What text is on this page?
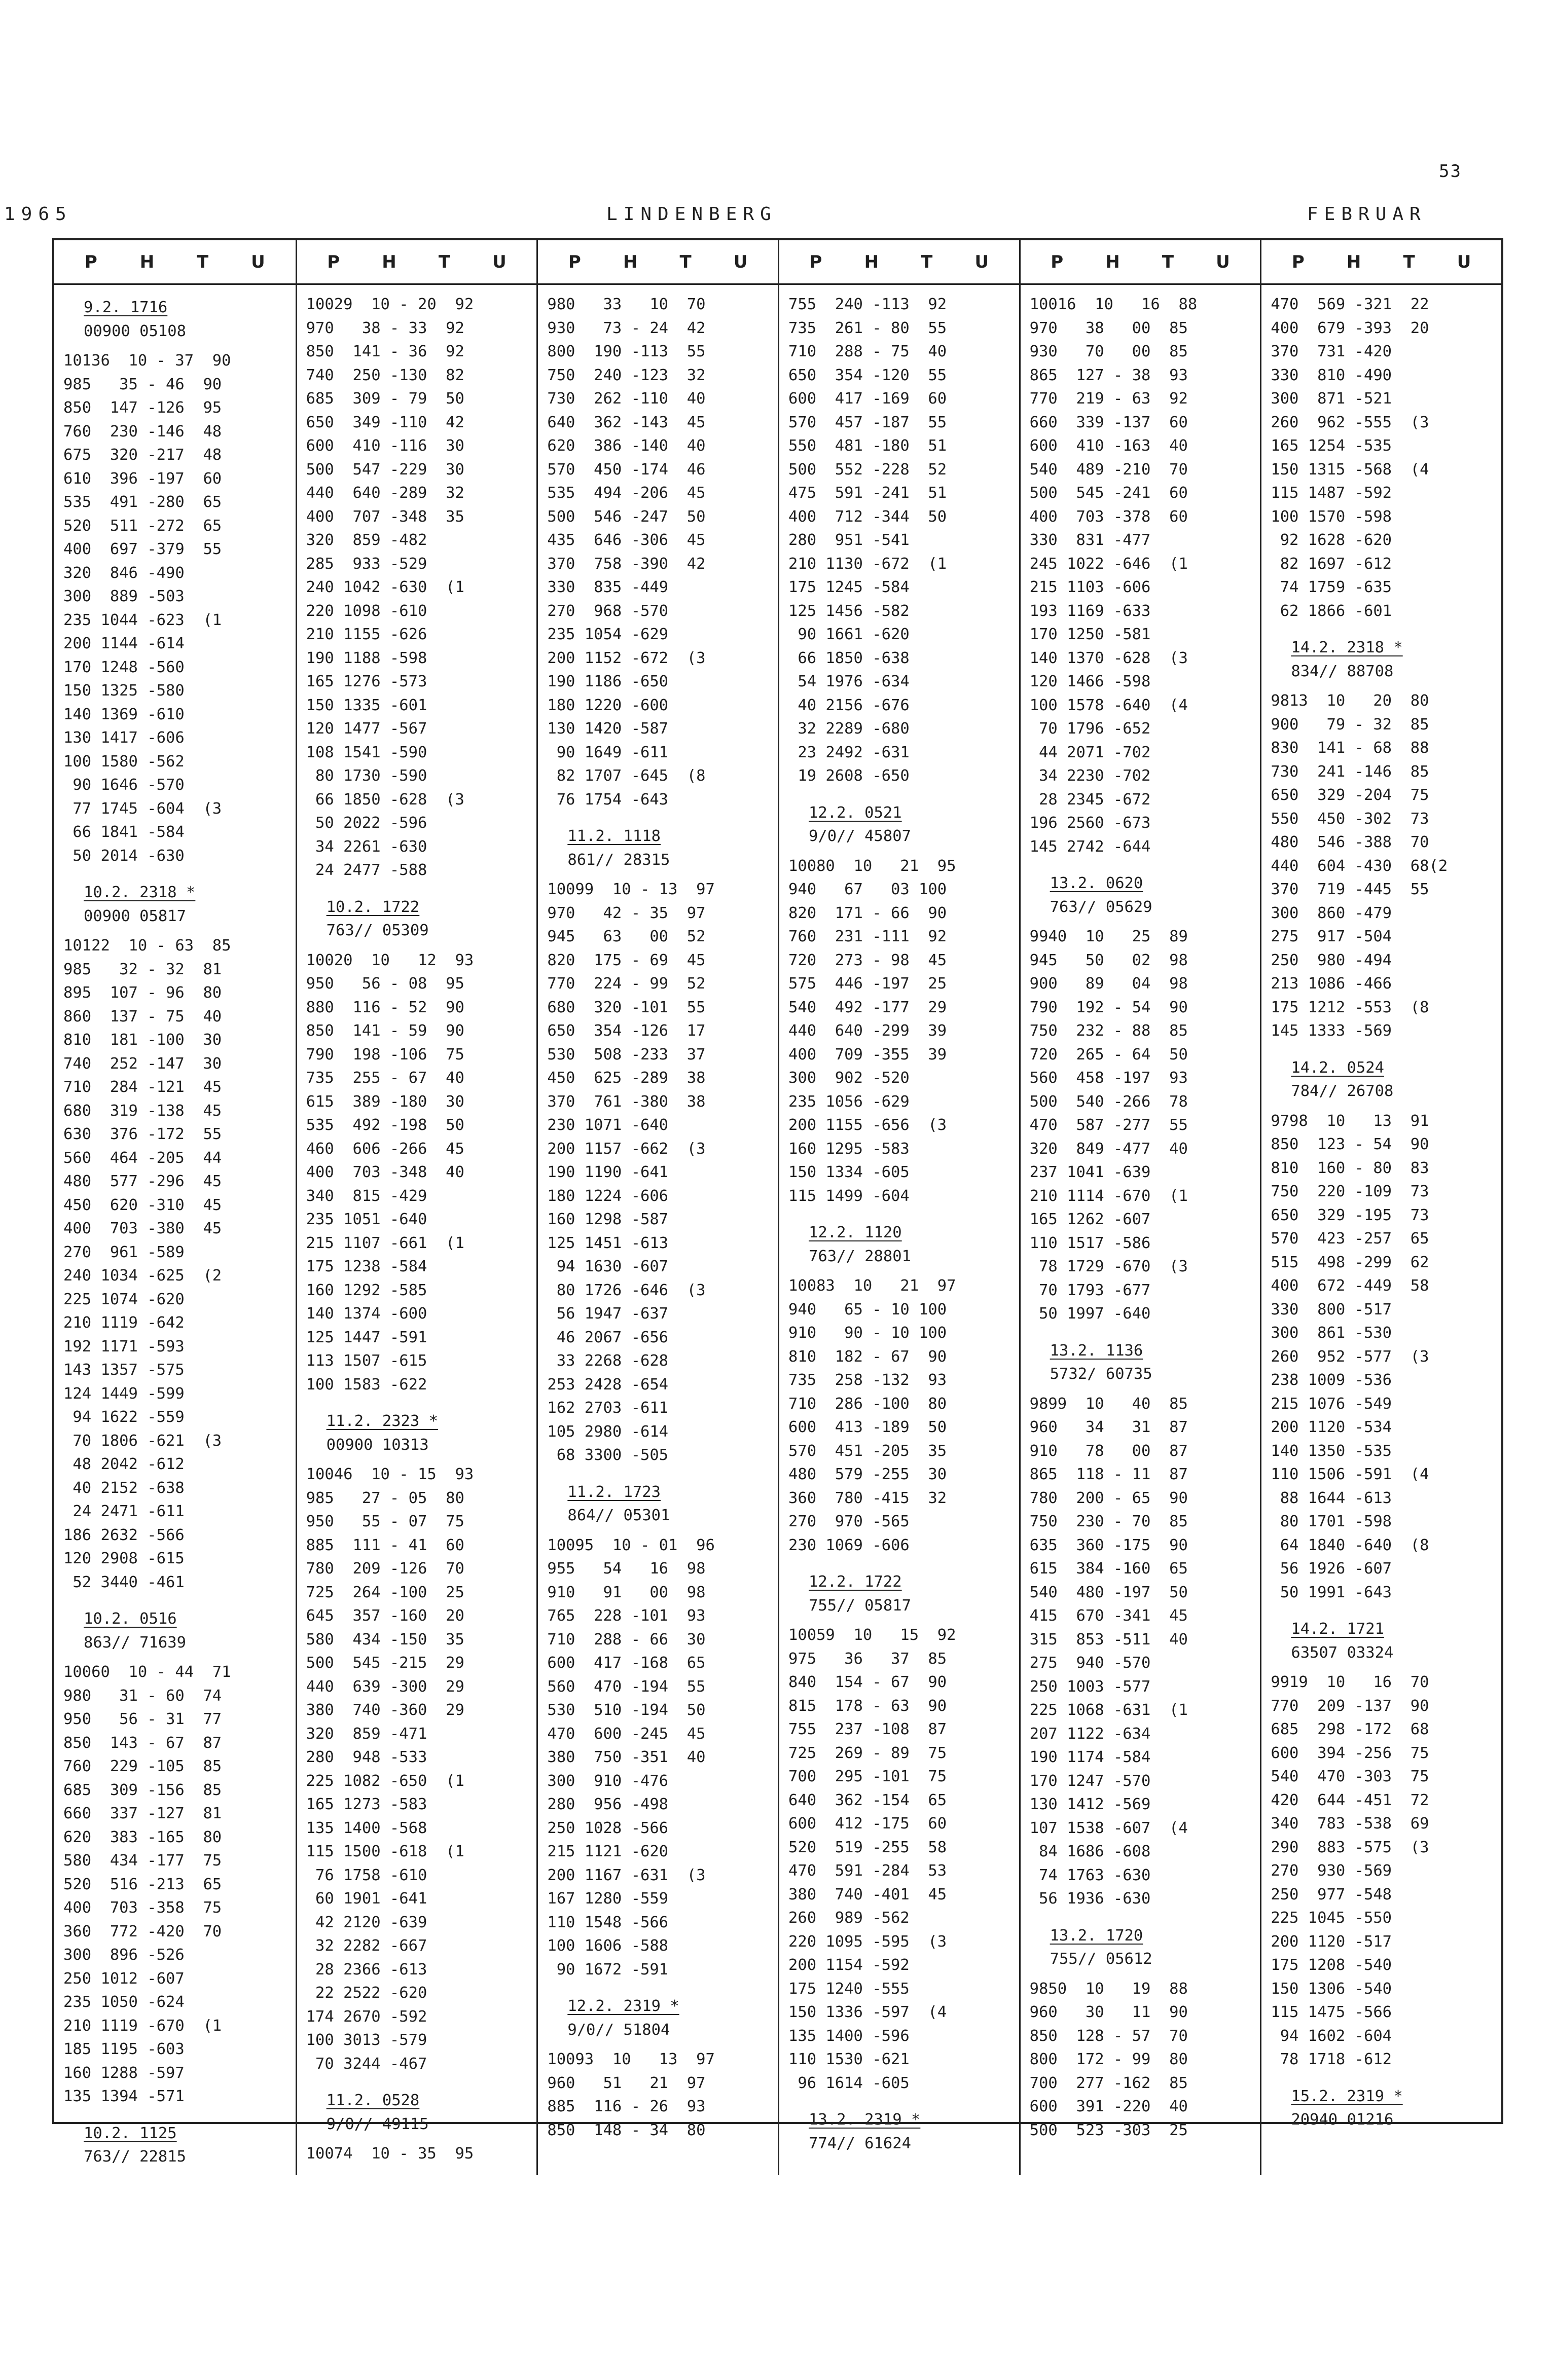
53
1965	LINDENBERG	FEBRUAR
P H T U
9.2. 1716
00900 05108
10136  10 - 37  90
985   35 - 46  90
850  147 -126  95
760  230 -146  48
675  320 -217  48
610  396 -197  60
535  491 -280  65
520  511 -272  65
400  697 -379  55
320  846 -490
300  889 -503
235 1044 -623  (1
200 1144 -614
170 1248 -560
150 1325 -580
140 1369 -610
130 1417 -606
100 1580 -562
90 1646 -570
77 1745 -604  (3
66 1841 -584
50 2014 -630
10.2. 2318 *
00900 05817
10122  10 - 63  85
985   32 - 32  81
895  107 - 96  80
860  137 - 75  40
810  181 -100  30
740  252 -147  30
710  284 -121  45
680  319 -138  45
630  376 -172  55
560  464 -205  44
480  577 -296  45
450  620 -310  45
400  703 -380  45
270  961 -589
240 1034 -625  (2
225 1074 -620
210 1119 -642
192 1171 -593
143 1357 -575
124 1449 -599
94 1622 -559
70 1806 -621  (3
48 2042 -612
40 2152 -638
24 2471 -611
186 2632 -566
120 2908 -615
52 3440 -461
10.2. 0516
863// 71639
10060  10 - 44  71
980   31 - 60  74
950   56 - 31  77
850  143 - 67  87
760  229 -105  85
685  309 -156  85
660  337 -127  81
620  383 -165  80
580  434 -177  75
520  516 -213  65
400  703 -358  75
360  772 -420  70
300  896 -526
250 1012 -607
235 1050 -624
210 1119 -670  (1
185 1195 -603
160 1288 -597
135 1394 -571
10.2. 1125
763// 22815
P H T U
10029  10 - 20  92
970   38 - 33  92
850  141 - 36  92
740  250 -130  82
685  309 - 79  50
650  349 -110  42
600  410 -116  30
500  547 -229  30
440  640 -289  32
400  707 -348  35
320  859 -482
285  933 -529
240 1042 -630  (1
220 1098 -610
210 1155 -626
190 1188 -598
165 1276 -573
150 1335 -601
120 1477 -567
108 1541 -590
80 1730 -590
66 1850 -628  (3
50 2022 -596
34 2261 -630
24 2477 -588
10.2. 1722
763// 05309
10020  10   12  93
950   56 - 08  95
880  116 - 52  90
850  141 - 59  90
790  198 -106  75
735  255 - 67  40
615  389 -180  30
535  492 -198  50
460  606 -266  45
400  703 -348  40
340  815 -429
235 1051 -640
215 1107 -661  (1
175 1238 -584
160 1292 -585
140 1374 -600
125 1447 -591
113 1507 -615
100 1583 -622
11.2. 2323 *
00900 10313
10046  10 - 15  93
985   27 - 05  80
950   55 - 07  75
885  111 - 41  60
780  209 -126  70
725  264 -100  25
645  357 -160  20
580  434 -150  35
500  545 -215  29
440  639 -300  29
380  740 -360  29
320  859 -471
280  948 -533
225 1082 -650  (1
165 1273 -583
135 1400 -568
115 1500 -618  (1
76 1758 -610
60 1901 -641
42 2120 -639
32 2282 -667
28 2366 -613
22 2522 -620
174 2670 -592
100 3013 -579
70 3244 -467
11.2. 0528
9/0// 49115
10074  10 - 35  95
P H T U
980   33   10  70
930   73 - 24  42
800  190 -113  55
750  240 -123  32
730  262 -110  40
640  362 -143  45
620  386 -140  40
570  450 -174  46
535  494 -206  45
500  546 -247  50
435  646 -306  45
370  758 -390  42
330  835 -449
270  968 -570
235 1054 -629
200 1152 -672  (3
190 1186 -650
180 1220 -600
130 1420 -587
90 1649 -611
82 1707 -645  (8
76 1754 -643
11.2. 1118
861// 28315
10099  10 - 13  97
970   42 - 35  97
945   63   00  52
820  175 - 69  45
770  224 - 99  52
680  320 -101  55
650  354 -126  17
530  508 -233  37
450  625 -289  38
370  761 -380  38
230 1071 -640
200 1157 -662  (3
190 1190 -641
180 1224 -606
160 1298 -587
125 1451 -613
94 1630 -607
80 1726 -646  (3
56 1947 -637
46 2067 -656
33 2268 -628
253 2428 -654
162 2703 -611
105 2980 -614
68 3300 -505
11.2. 1723
864// 05301
10095  10 - 01  96
955   54   16  98
910   91   00  98
765  228 -101  93
710  288 - 66  30
600  417 -168  65
560  470 -194  55
530  510 -194  50
470  600 -245  45
380  750 -351  40
300  910 -476
280  956 -498
250 1028 -566
215 1121 -620
200 1167 -631  (3
167 1280 -559
110 1548 -566
100 1606 -588
90 1672 -591
12.2. 2319 *
9/0// 51804
10093  10   13  97
960   51   21  97
885  116 - 26  93
850  148 - 34  80
P H T U
755  240 -113  92
735  261 - 80  55
710  288 - 75  40
650  354 -120  55
600  417 -169  60
570  457 -187  55
550  481 -180  51
500  552 -228  52
475  591 -241  51
400  712 -344  50
280  951 -541
210 1130 -672  (1
175 1245 -584
125 1456 -582
90 1661 -620
66 1850 -638
54 1976 -634
40 2156 -676
32 2289 -680
23 2492 -631
19 2608 -650
12.2. 0521
9/0// 45807
10080  10   21  95
940   67   03 100
820  171 - 66  90
760  231 -111  92
720  273 - 98  45
575  446 -197  25
540  492 -177  29
440  640 -299  39
400  709 -355  39
300  902 -520
235 1056 -629
200 1155 -656  (3
160 1295 -583
150 1334 -605
115 1499 -604
12.2. 1120
763// 28801
10083  10   21  97
940   65 - 10 100
910   90 - 10 100
810  182 - 67  90
735  258 -132  93
710  286 -100  80
600  413 -189  50
570  451 -205  35
480  579 -255  30
360  780 -415  32
270  970 -565
230 1069 -606
12.2. 1722
755// 05817
10059  10   15  92
975   36   37  85
840  154 - 67  90
815  178 - 63  90
755  237 -108  87
725  269 - 89  75
700  295 -101  75
640  362 -154  65
600  412 -175  60
520  519 -255  58
470  591 -284  53
380  740 -401  45
260  989 -562
220 1095 -595  (3
200 1154 -592
175 1240 -555
150 1336 -597  (4
135 1400 -596
110 1530 -621
96 1614 -605
13.2. 2319 *
774// 61624
P H T U
10016  10   16  88
970   38   00  85
930   70   00  85
865  127 - 38  93
770  219 - 63  92
660  339 -137  60
600  410 -163  40
540  489 -210  70
500  545 -241  60
400  703 -378  60
330  831 -477
245 1022 -646  (1
215 1103 -606
193 1169 -633
170 1250 -581
140 1370 -628  (3
120 1466 -598
100 1578 -640  (4
70 1796 -652
44 2071 -702
34 2230 -702
28 2345 -672
196 2560 -673
145 2742 -644
13.2. 0620
763// 05629
9940  10   25  89
945   50   02  98
900   89   04  98
790  192 - 54  90
750  232 - 88  85
720  265 - 64  50
560  458 -197  93
500  540 -266  78
470  587 -277  55
320  849 -477  40
237 1041 -639
210 1114 -670  (1
165 1262 -607
110 1517 -586
78 1729 -670  (3
70 1793 -677
50 1997 -640
13.2. 1136
5732/ 60735
9899  10   40  85
960   34   31  87
910   78   00  87
865  118 - 11  87
780  200 - 65  90
750  230 - 70  85
635  360 -175  90
615  384 -160  65
540  480 -197  50
415  670 -341  45
315  853 -511  40
275  940 -570
250 1003 -577
225 1068 -631  (1
207 1122 -634
190 1174 -584
170 1247 -570
130 1412 -569
107 1538 -607  (4
84 1686 -608
74 1763 -630
56 1936 -630
13.2. 1720
755// 05612
9850  10   19  88
960   30   11  90
850  128 - 57  70
800  172 - 99  80
700  277 -162  85
600  391 -220  40
500  523 -303  25
P H T U
470  569 -321  22
400  679 -393  20
370  731 -420
330  810 -490
300  871 -521
260  962 -555  (3
165 1254 -535
150 1315 -568  (4
115 1487 -592
100 1570 -598
92 1628 -620
82 1697 -612
74 1759 -635
62 1866 -601
14.2. 2318 *
834// 88708
9813  10   20  80
900   79 - 32  85
830  141 - 68  88
730  241 -146  85
650  329 -204  75
550  450 -302  73
480  546 -388  70
440  604 -430  68(2
370  719 -445  55
300  860 -479
275  917 -504
250  980 -494
213 1086 -466
175 1212 -553  (8
145 1333 -569
14.2. 0524
784// 26708
9798  10   13  91
850  123 - 54  90
810  160 - 80  83
750  220 -109  73
650  329 -195  73
570  423 -257  65
515  498 -299  62
400  672 -449  58
330  800 -517
300  861 -530
260  952 -577  (3
238 1009 -536
215 1076 -549
200 1120 -534
140 1350 -535
110 1506 -591  (4
88 1644 -613
80 1701 -598
64 1840 -640  (8
56 1926 -607
50 1991 -643
14.2. 1721
63507 03324
9919  10   16  70
770  209 -137  90
685  298 -172  68
600  394 -256  75
540  470 -303  75
420  644 -451  72
340  783 -538  69
290  883 -575  (3
270  930 -569
250  977 -548
225 1045 -550
200 1120 -517
175 1208 -540
150 1306 -540
115 1475 -566
94 1602 -604
78 1718 -612
15.2. 2319 *
20940 01216
